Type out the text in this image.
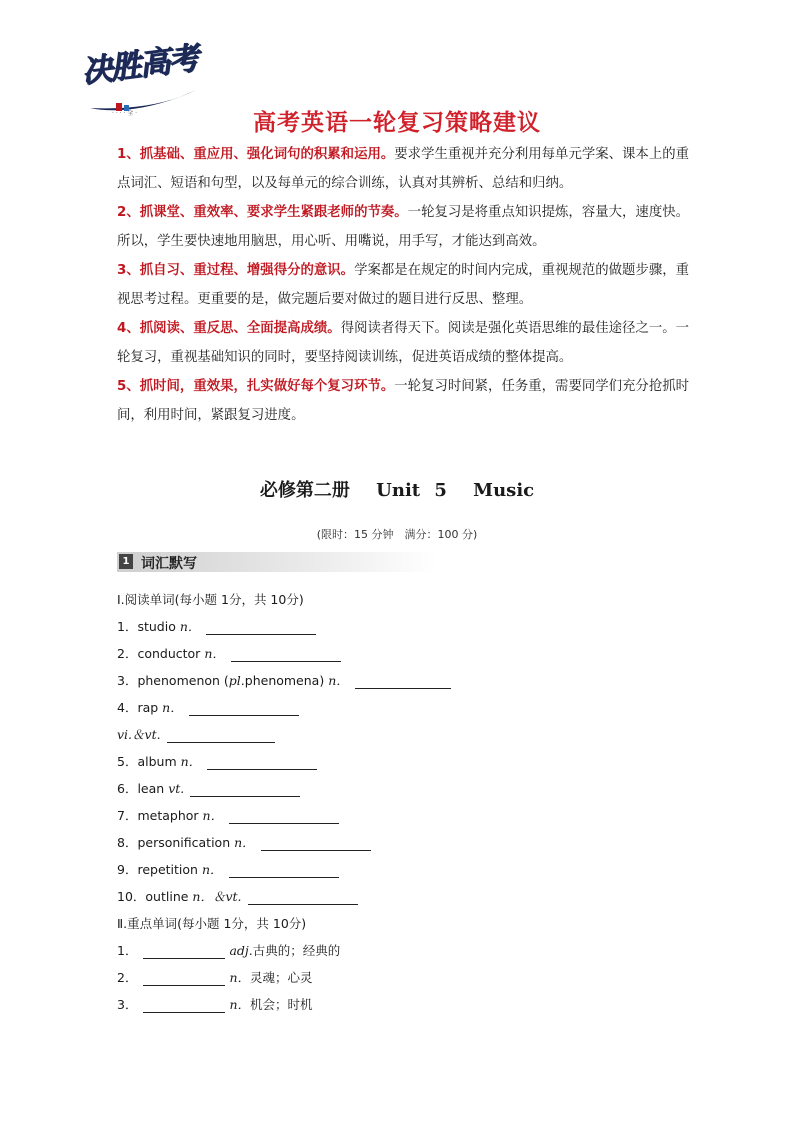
决胜高考
· · · · 全 ·	高考英语一轮复习策略建议
1、抓基础、重应用、强化词句的积累和运用。要求学生重视并充分利用每单元学案、课本上的重点词汇、短语和句型，以及每单元的综合训练，认真对其辨析、总结和归纳。
2、抓课堂、重效率、要求学生紧跟老师的节奏。一轮复习是将重点知识提炼，容量大，速度快。所以，学生要快速地用脑思，用心听、用嘴说，用手写，才能达到高效。
3、抓自习、重过程、增强得分的意识。学案都是在规定的时间内完成，重视规范的做题步骤，重视思考过程。更重要的是，做完题后要对做过的题目进行反思、整理。
4、抓阅读、重反思、全面提高成绩。得阅读者得天下。阅读是强化英语思维的最佳途径之一。一轮复习，重视基础知识的同时，要坚持阅读训练，促进英语成绩的整体提高。
5、抓时间，重效果，扎实做好每个复习环节。一轮复习时间紧，任务重，需要同学们充分抢抓时间，利用时间，紧跟复习进度。
必修第二册 Unit 5 Music
(限时：15 分钟　满分：100 分)
1 词汇默写
Ⅰ.阅读单词(每小题 1分，共 10分)
1．studio n．
2．conductor n．
3．phenomenon (pl.phenomena) n．
4．rap n．
vi.＆vt.
5．album n．
6．lean vt.
7．metaphor n．
8．personification n．
9．repetition n．
10．outline n．＆vt.
Ⅱ.重点单词(每小题 1分，共 10分)
1．	adj.古典的；经典的
2．	n．灵魂；心灵
3．	n．机会；时机
